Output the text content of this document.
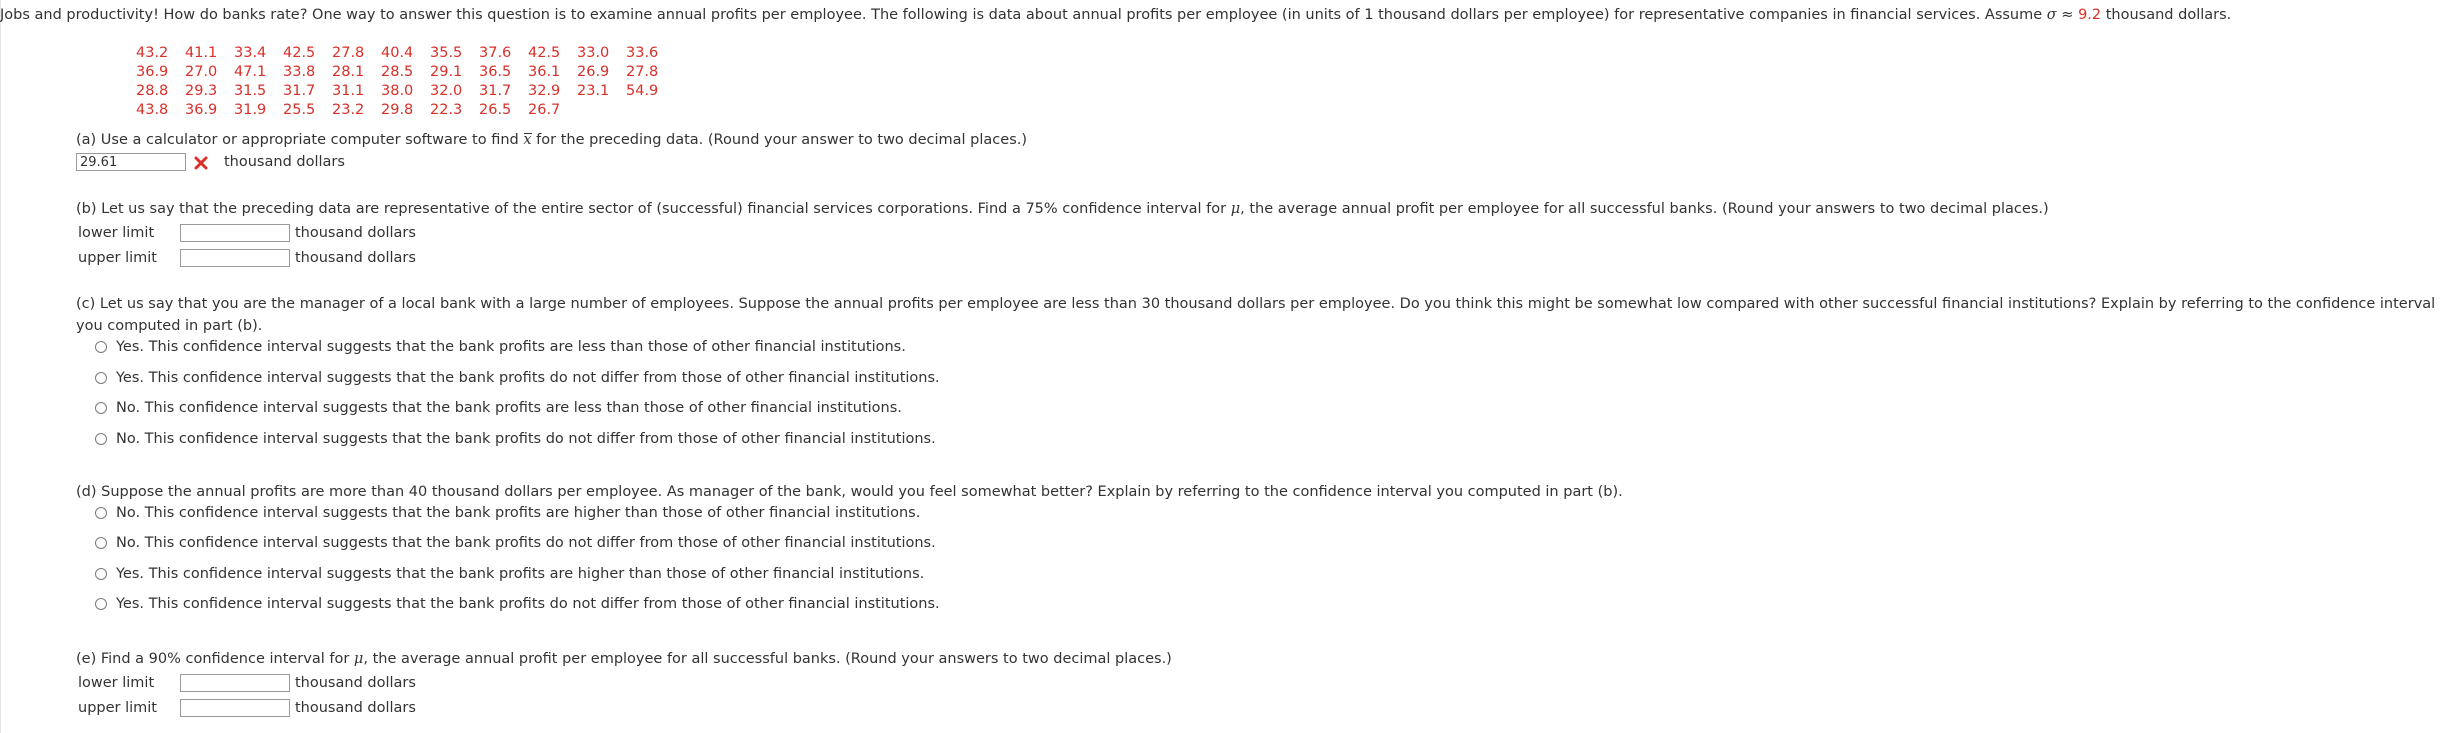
Jobs and productivity! How do banks rate? One way to answer this question is to examine annual profits per employee. The following is data about annual profits per employee (in units of 1 thousand dollars per employee) for representative companies in financial services. Assume σ ≈ 9.2 thousand dollars.
43.2 41.1 33.4 42.5 27.8 40.4 35.5 37.6 42.5 33.0 33.6
36.9 27.0 47.1 33.8 28.1 28.5 29.1 36.5 36.1 26.9 27.8
28.8 29.3 31.5 31.7 31.1 38.0 32.0 31.7 32.9 23.1 54.9
43.8 36.9 31.9 25.5 23.2 29.8 22.3 26.5 26.7
(a) Use a calculator or appropriate computer software to find x for the preceding data. (Round your answer to two decimal places.)
29.61
thousand dollars
(b) Let us say that the preceding data are representative of the entire sector of (successful) financial services corporations. Find a 75% confidence interval for μ, the average annual profit per employee for all successful banks. (Round your answers to two decimal places.)
lower limit	thousand dollars
upper limit	thousand dollars
(c) Let us say that you are the manager of a local bank with a large number of employees. Suppose the annual profits per employee are less than 30 thousand dollars per employee. Do you think this might be somewhat low compared with other successful financial institutions? Explain by referring to the confidence interval
you computed in part (b).
Yes. This confidence interval suggests that the bank profits are less than those of other financial institutions.
Yes. This confidence interval suggests that the bank profits do not differ from those of other financial institutions.
No. This confidence interval suggests that the bank profits are less than those of other financial institutions.
No. This confidence interval suggests that the bank profits do not differ from those of other financial institutions.
(d) Suppose the annual profits are more than 40 thousand dollars per employee. As manager of the bank, would you feel somewhat better? Explain by referring to the confidence interval you computed in part (b).
No. This confidence interval suggests that the bank profits are higher than those of other financial institutions.
No. This confidence interval suggests that the bank profits do not differ from those of other financial institutions.
Yes. This confidence interval suggests that the bank profits are higher than those of other financial institutions.
Yes. This confidence interval suggests that the bank profits do not differ from those of other financial institutions.
(e) Find a 90% confidence interval for μ, the average annual profit per employee for all successful banks. (Round your answers to two decimal places.)
lower limit	thousand dollars
upper limit	thousand dollars
